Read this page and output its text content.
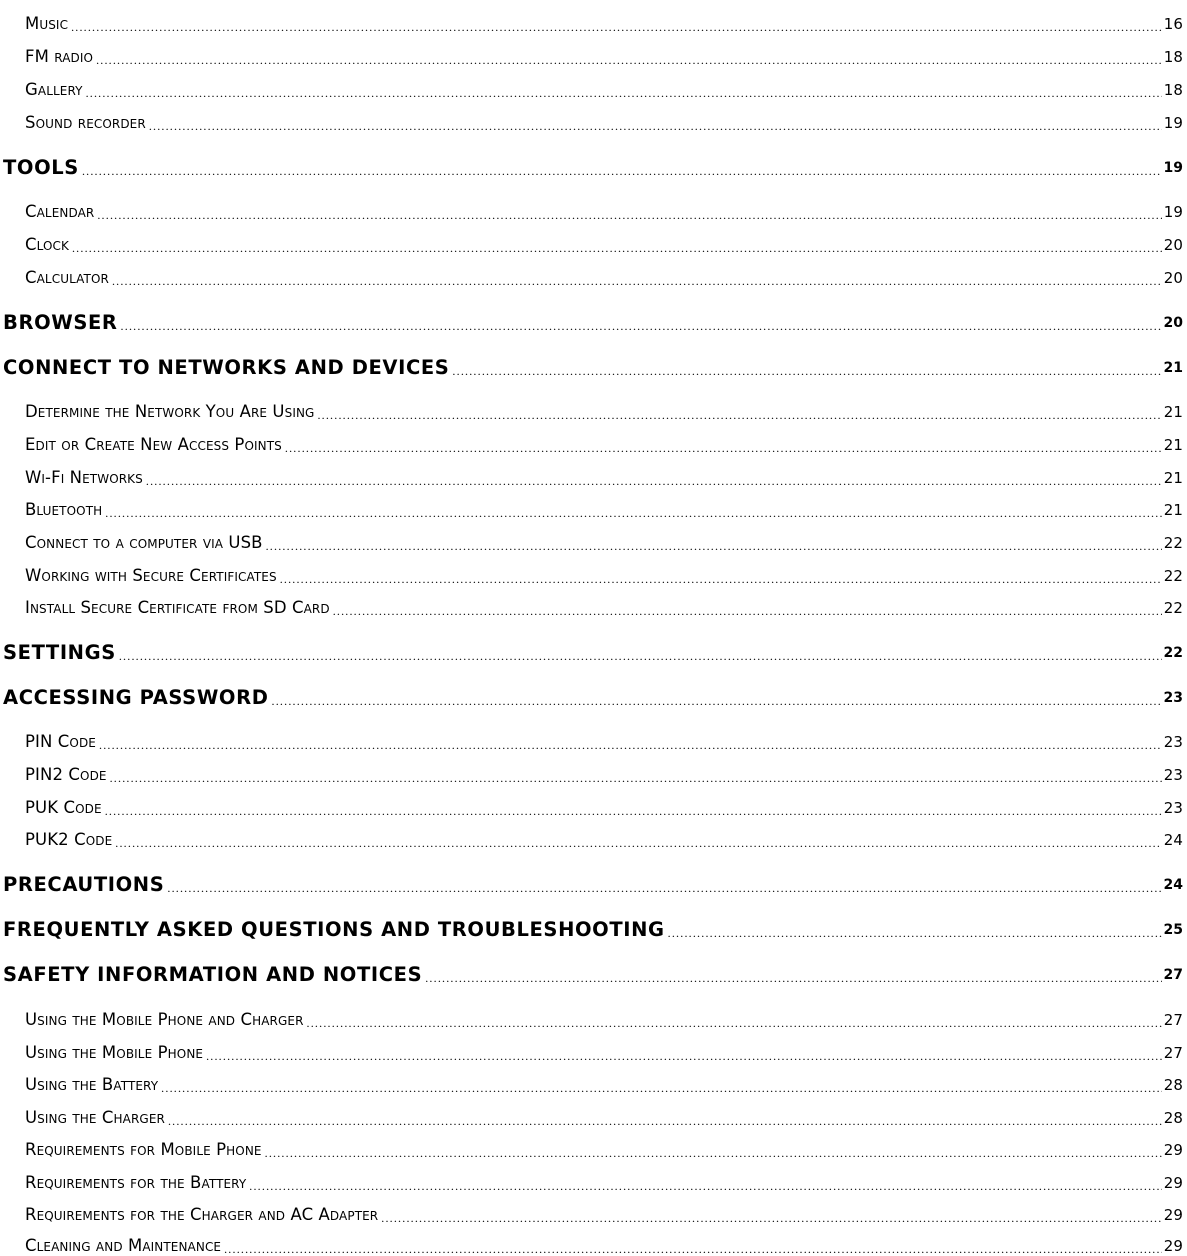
Music .....	16
FM radio .....	18
Gallery .....	18
Sound recorder .....	19
TOOLS .....	19
Calendar .....	19
Clock .....	20
Calculator .....	20
BROWSER .....	20
CONNECT TO NETWORKS AND DEVICES .....	21
Determine the Network You Are Using .....	21
Edit or Create New Access Points .....	21
Wi-Fi Networks .....	21
Bluetooth .....	21
Connect to a computer via USB .....	22
Working with Secure Certificates .....	22
Install Secure Certificate from SD Card .....	22
SETTINGS .....	22
ACCESSING PASSWORD .....	23
PIN Code .....	23
PIN2 Code .....	23
PUK Code .....	23
PUK2 Code .....	24
PRECAUTIONS .....	24
FREQUENTLY ASKED QUESTIONS AND TROUBLESHOOTING .....	25
SAFETY INFORMATION AND NOTICES .....	27
Using the Mobile Phone and Charger .....	27
Using the Mobile Phone .....	27
Using the Battery .....	28
Using the Charger .....	28
Requirements for Mobile Phone .....	29
Requirements for the Battery .....	29
Requirements for the Charger and AC Adapter .....	29
Cleaning and Maintenance .....	29
